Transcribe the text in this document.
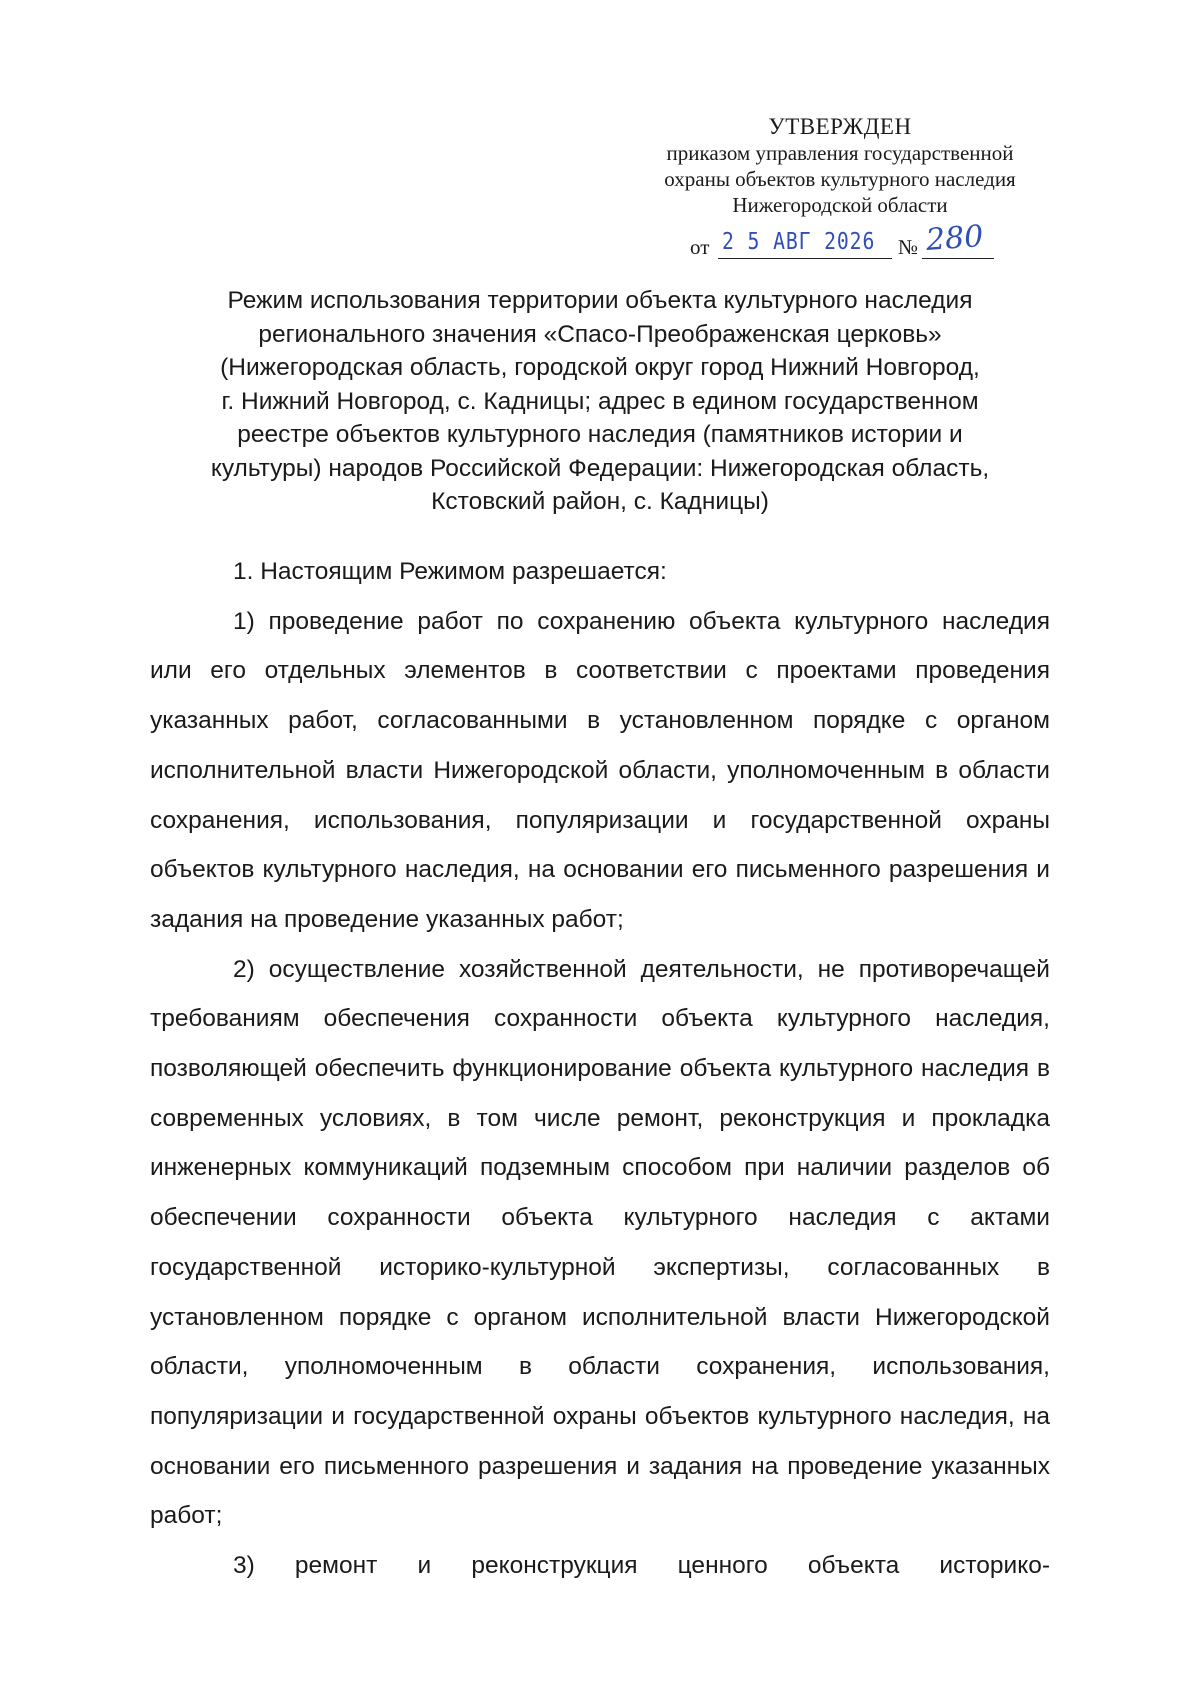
УТВЕРЖДЕН
приказом управления государственной
охраны объектов культурного наследия
Нижегородской области
от 2 5 АВГ 2026 № 280
Режим использования территории объекта культурного наследия
регионального значения «Спасо-Преображенская церковь»
(Нижегородская область, городской округ город Нижний Новгород,
г. Нижний Новгород, с. Кадницы; адрес в едином государственном
реестре объектов культурного наследия (памятников истории и
культуры) народов Российской Федерации: Нижегородская область,
Кстовский район, с. Кадницы)

1. Настоящим Режимом разрешается:

1) проведение работ по сохранению объекта культурного наследия или его отдельных элементов в соответствии с проектами проведения указанных работ, согласованными в установленном порядке с органом исполнительной власти Нижегородской области, уполномоченным в области сохранения, использования, популяризации и государственной охраны объектов культурного наследия, на основании его письменного разрешения и задания на проведение указанных работ;

2) осуществление хозяйственной деятельности, не противоречащей требованиям обеспечения сохранности объекта культурного наследия, позволяющей обеспечить функционирование объекта культурного наследия в современных условиях, в том числе ремонт, реконструкция и прокладка инженерных коммуникаций подземным способом при наличии разделов об обеспечении сохранности объекта культурного наследия с актами государственной историко-культурной экспертизы, согласованных в установленном порядке с органом исполнительной власти Нижегородской области, уполномоченным в области сохранения, использования, популяризации и государственной охраны объектов культурного наследия, на основании его письменного разрешения и задания на проведение указанных работ;

3) ремонт и реконструкция ценного объекта историко-
